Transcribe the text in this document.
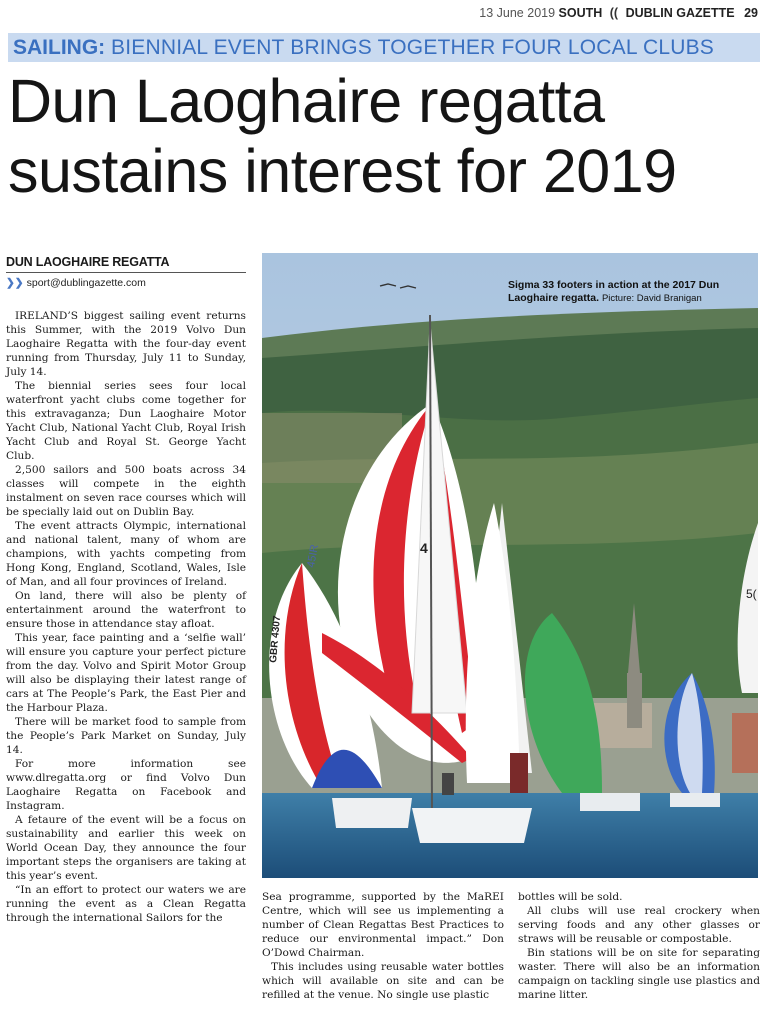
13 June 2019 SOUTH (( DUBLIN GAZETTE 29
SAILING: BIENNIAL EVENT BRINGS TOGETHER FOUR LOCAL CLUBS
Dun Laoghaire regatta
sustains interest for 2019
DUN LAOGHAIRE REGATTA
❯❯ sport@dublingazette.com

IRELAND’S biggest sailing event returns this Summer, with the 2019 Volvo Dun Laoghaire Regatta with the four-day event running from Thursday, July 11 to Sunday, July 14.

The biennial series sees four local waterfront yacht clubs come together for this extravaganza; Dun Laoghaire Motor Yacht Club, National Yacht Club, Royal Irish Yacht Club and Royal St. George Yacht Club.

2,500 sailors and 500 boats across 34 classes will compete in the eighth instalment on seven race courses which will be specially laid out on Dublin Bay.

The event attracts Olympic, international and national talent, many of whom are champions, with yachts competing from Hong Kong, England, Scotland, Wales, Isle of Man, and all four provinces of Ireland.

On land, there will also be plenty of entertainment around the waterfront to ensure those in attendance stay afloat.

This year, face painting and a ‘selfie wall’ will ensure you capture your perfect picture from the day. Volvo and Spirit Motor Group will also be displaying their latest range of cars at The People’s Park, the East Pier and the Harbour Plaza.

There will be market food to sample from the People’s Park Market on Sunday, July 14.

For more information see www.dlregatta.org or find Volvo Dun Laoghaire Regatta on Facebook and Instagram.

A fetaure of the event will be a focus on sustainability and earlier this week on World Ocean Day, they announce the four important steps the organisers are taking at this year’s event.

“In an effort to protect our waters we are running the event as a Clean Regatta through the international Sailors for the

45IR
GBR 4307
4
5(
Sigma 33 footers in action at the 2017 Dun Laoghaire regatta. Picture: David Branigan

Sea programme, supported by the MaREI Centre, which will see us implementing a number of Clean Regattas Best Practices to reduce our environmental impact.” Don O’Dowd Chairman.

This includes using reusable water bottles which will available on site and can be refilled at the venue. No single use plastic

bottles will be sold.

All clubs will use real crockery when serving foods and any other glasses or straws will be reusable or compostable.

Bin stations will be on site for separating waster. There will also be an information campaign on tackling single use plastics and marine litter.
